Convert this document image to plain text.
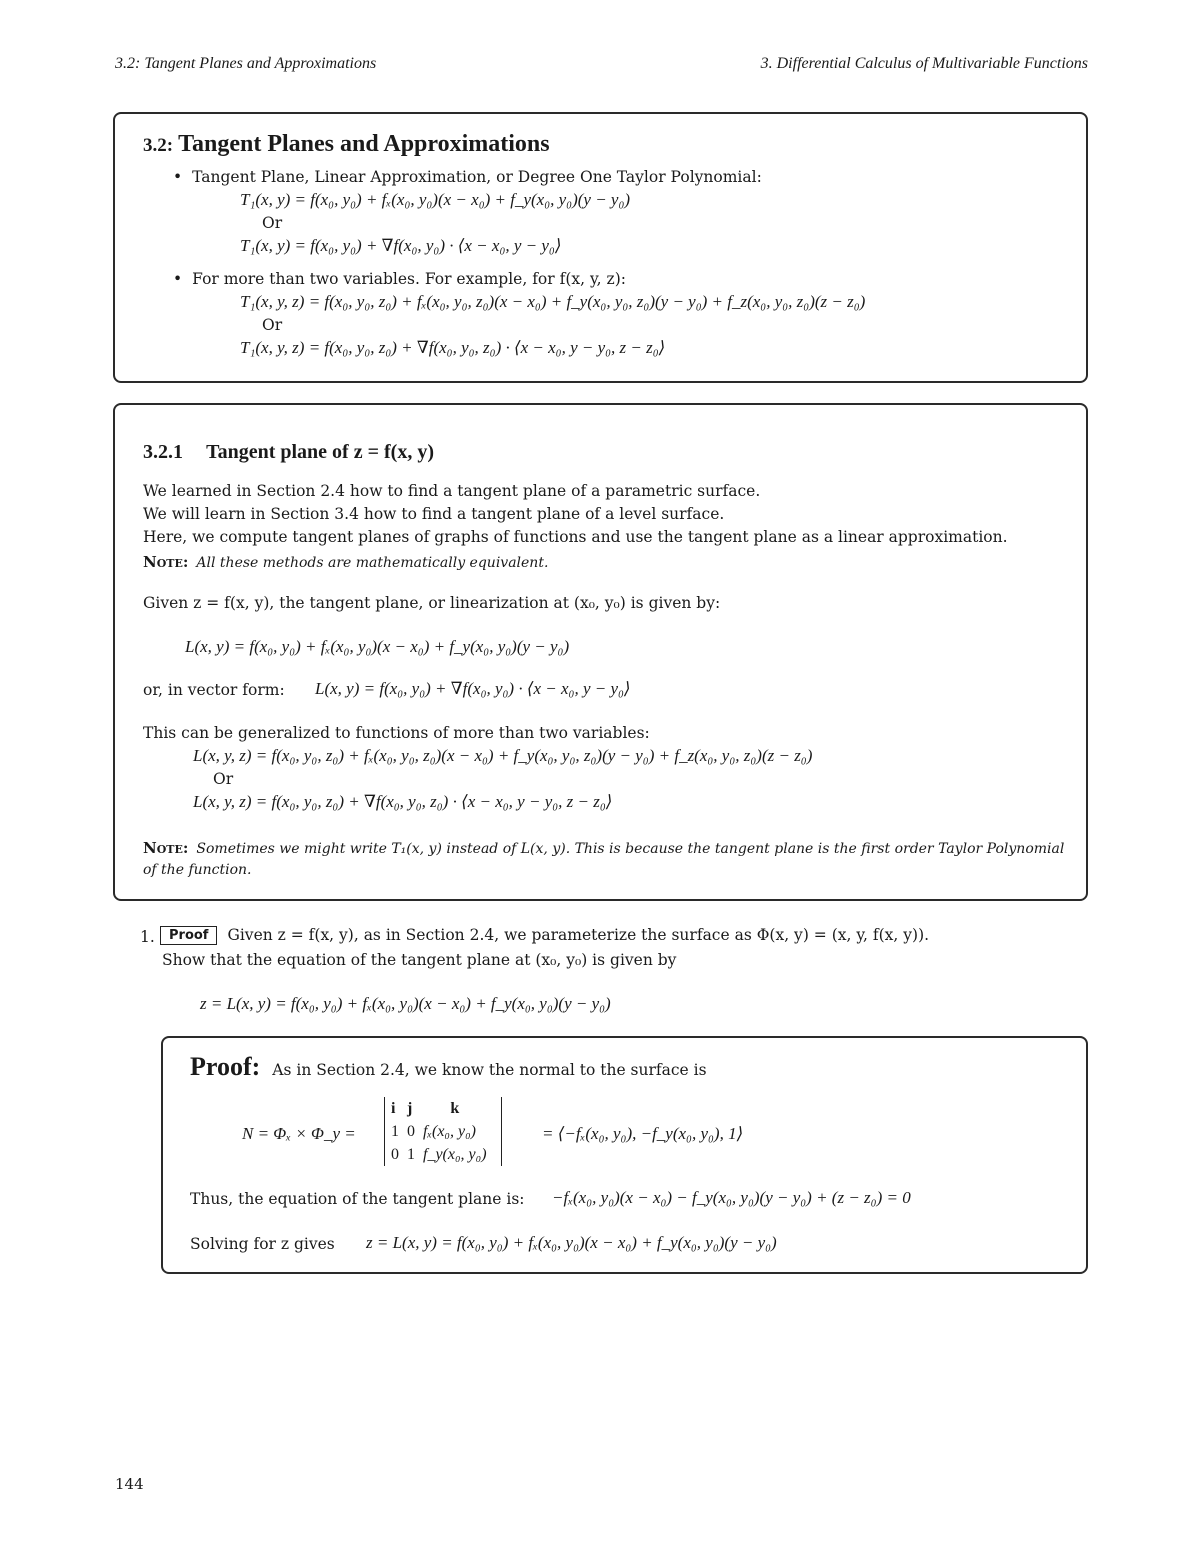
3.2: Tangent Planes and Approximations	3. Differential Calculus of Multivariable Functions
3.2: Tangent Planes and Approximations
• Tangent Plane, Linear Approximation, or Degree One Taylor Polynomial:
T₁(x, y) = f(x₀, y₀) + fₓ(x₀, y₀)(x − x₀) + f_y(x₀, y₀)(y − y₀)
Or
T₁(x, y) = f(x₀, y₀) + ∇f(x₀, y₀) · ⟨x − x₀, y − y₀⟩
• For more than two variables. For example, for f(x, y, z):
T₁(x, y, z) = f(x₀, y₀, z₀) + fₓ(x₀, y₀, z₀)(x − x₀) + f_y(x₀, y₀, z₀)(y − y₀) + f_z(x₀, y₀, z₀)(z − z₀)
Or
T₁(x, y, z) = f(x₀, y₀, z₀) + ∇f(x₀, y₀, z₀) · ⟨x − x₀, y − y₀, z − z₀⟩
3.2.1 Tangent plane of z = f(x, y)
We learned in Section 2.4 how to find a tangent plane of a parametric surface.
We will learn in Section 3.4 how to find a tangent plane of a level surface.
Here, we compute tangent planes of graphs of functions and use the tangent plane as a linear approximation.
Note: All these methods are mathematically equivalent.
Given z = f(x, y), the tangent plane, or linearization at (x₀, y₀) is given by:
L(x, y) = f(x₀, y₀) + fₓ(x₀, y₀)(x − x₀) + f_y(x₀, y₀)(y − y₀)
or, in vector form: L(x, y) = f(x₀, y₀) + ∇f(x₀, y₀) · ⟨x − x₀, y − y₀⟩
This can be generalized to functions of more than two variables:
L(x, y, z) = f(x₀, y₀, z₀) + fₓ(x₀, y₀, z₀)(x − x₀) + f_y(x₀, y₀, z₀)(y − y₀) + f_z(x₀, y₀, z₀)(z − z₀)
Or
L(x, y, z) = f(x₀, y₀, z₀) + ∇f(x₀, y₀, z₀) · ⟨x − x₀, y − y₀, z − z₀⟩
Note: Sometimes we might write T₁(x, y) instead of L(x, y). This is because the tangent plane is the first order Taylor Polynomial
of the function.
1.	Proof Given z = f(x, y), as in Section 2.4, we parameterize the surface as Φ(x, y) = (x, y, f(x, y)).
Show that the equation of the tangent plane at (x₀, y₀) is given by
z = L(x, y) = f(x₀, y₀) + fₓ(x₀, y₀)(x − x₀) + f_y(x₀, y₀)(y − y₀)
Proof: As in Section 2.4, we know the normal to the surface is
N = Φₓ × Φ_y =
i	j	k
1	0	fₓ(x₀, y₀)
0	1	f_y(x₀, y₀)
= ⟨−fₓ(x₀, y₀), −f_y(x₀, y₀), 1⟩
Thus, the equation of the tangent plane is: −fₓ(x₀, y₀)(x − x₀) − f_y(x₀, y₀)(y − y₀) + (z − z₀) = 0
Solving for z gives z = L(x, y) = f(x₀, y₀) + fₓ(x₀, y₀)(x − x₀) + f_y(x₀, y₀)(y − y₀)
144
